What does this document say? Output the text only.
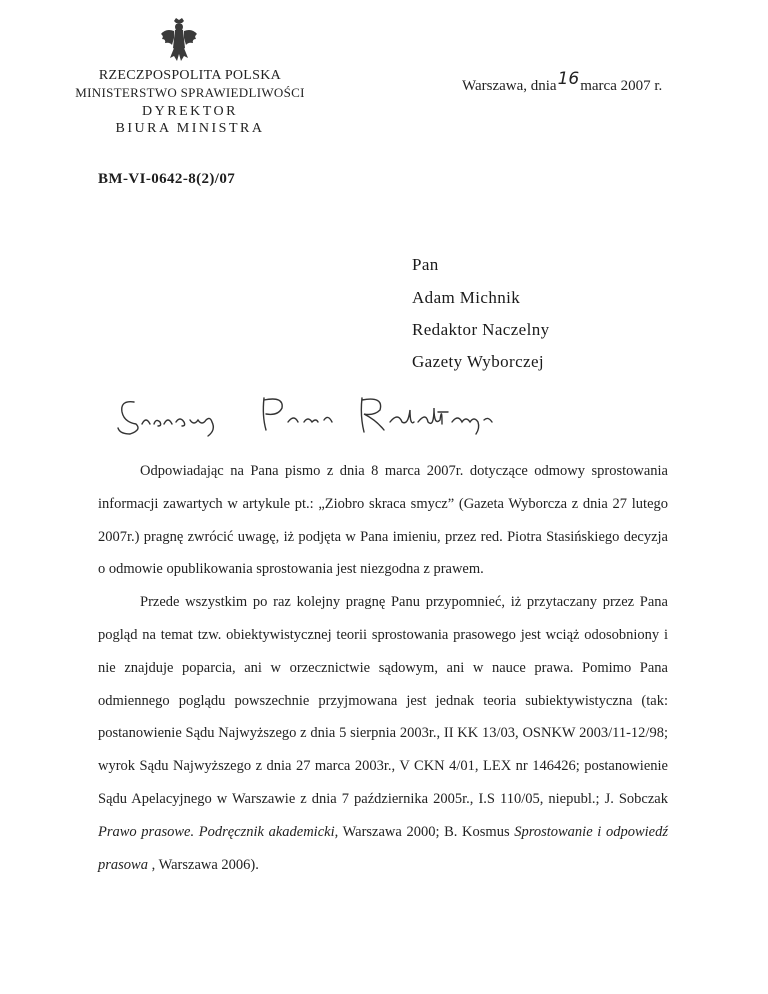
RZECZPOSPOLITA POLSKA
MINISTERSTWO SPRAWIEDLIWOŚCI
DYREKTOR
BIURA MINISTRA
Warszawa, dnia16marca 2007 r.
BM-VI-0642-8(2)/07
Pan
Adam Michnik
Redaktor Naczelny
Gazety Wyborczej

Odpowiadając na Pana pismo z dnia 8 marca 2007r. dotyczące odmowy sprostowania informacji zawartych w artykule pt.: „Ziobro skraca smycz” (Gazeta Wyborcza z dnia 27 lutego 2007r.) pragnę zwrócić uwagę, iż podjęta w Pana imieniu, przez red. Piotra Stasińskiego decyzja o odmowie opublikowania sprostowania jest niezgodna z prawem.

Przede wszystkim po raz kolejny pragnę Panu przypomnieć, iż przytaczany przez Pana pogląd na temat tzw. obiektywistycznej teorii sprostowania prasowego jest wciąż odosobniony i nie znajduje poparcia, ani w orzecznictwie sądowym, ani w nauce prawa. Pomimo Pana odmiennego poglądu powszechnie przyjmowana jest jednak teoria subiektywistyczna (tak: postanowienie Sądu Najwyższego z dnia 5 sierpnia 2003r., II KK 13/03, OSNKW 2003/11-12/98; wyrok Sądu Najwyższego z dnia 27 marca 2003r., V CKN 4/01, LEX nr 146426; postanowienie Sądu Apelacyjnego w Warszawie z dnia 7 października 2005r., I.S 110/05, niepubl.; J. Sobczak Prawo prasowe. Podręcznik akademicki, Warszawa 2000; B. Kosmus Sprostowanie i odpowiedź prasowa , Warszawa 2006).
